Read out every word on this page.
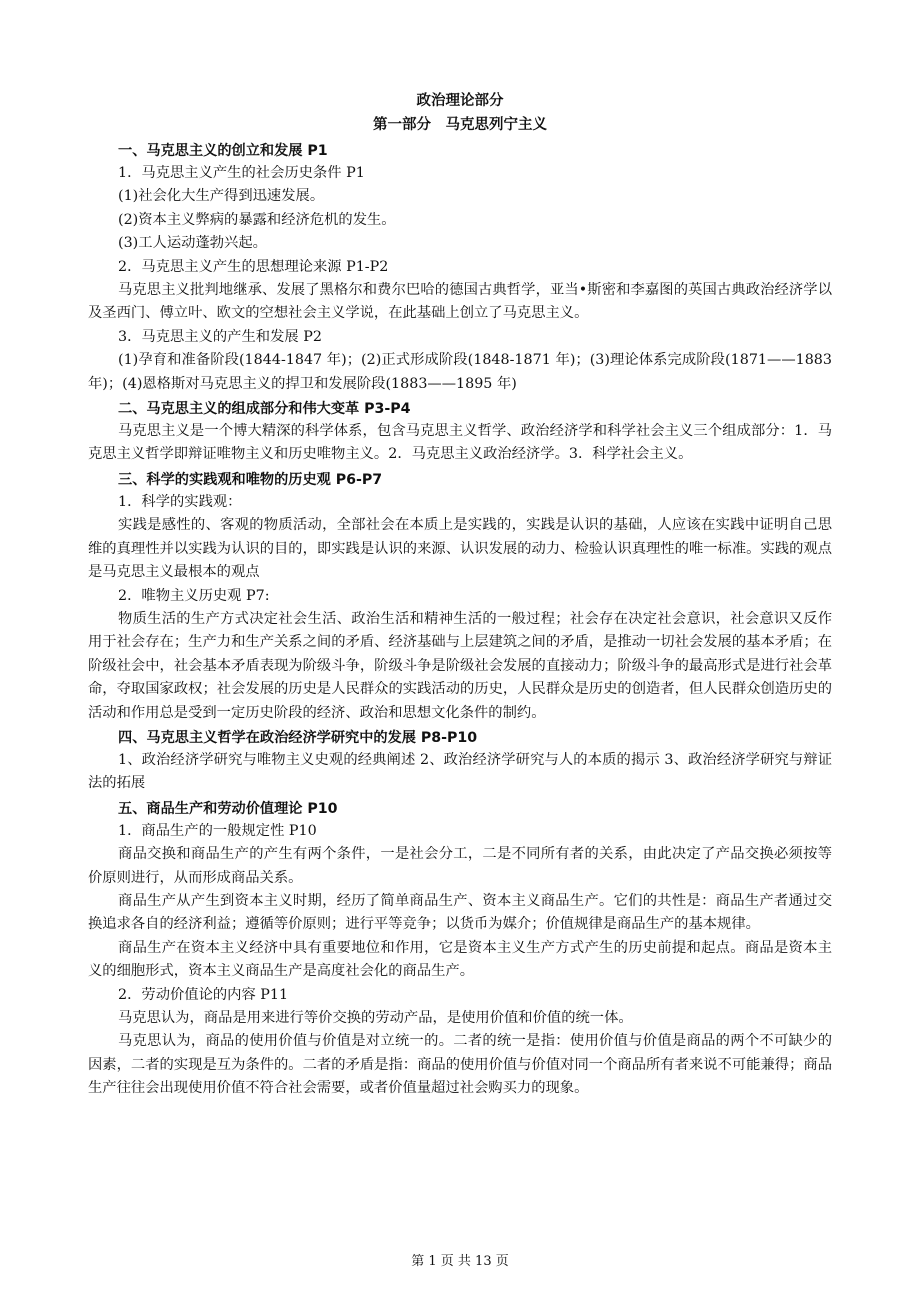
政治理论部分

第一部分　马克思列宁主义

一、马克思主义的创立和发展 P1

1．马克思主义产生的社会历史条件 P1

(1)社会化大生产得到迅速发展。

(2)资本主义弊病的暴露和经济危机的发生。

(3)工人运动蓬勃兴起。

2．马克思主义产生的思想理论来源 P1-P2

马克思主义批判地继承、发展了黑格尔和费尔巴哈的德国古典哲学，亚当•斯密和李嘉图的英国古典政治经济学以及圣西门、傅立叶、欧文的空想社会主义学说，在此基础上创立了马克思主义。

3．马克思主义的产生和发展 P2

(1)孕育和准备阶段(1844-1847 年)；(2)正式形成阶段(1848-1871 年)；(3)理论体系完成阶段(1871——1883 年)；(4)恩格斯对马克思主义的捍卫和发展阶段(1883——1895 年)

二、马克思主义的组成部分和伟大变革 P3-P4

马克思主义是一个博大精深的科学体系，包含马克思主义哲学、政治经济学和科学社会主义三个组成部分：1．马克思主义哲学即辩证唯物主义和历史唯物主义。2．马克思主义政治经济学。3．科学社会主义。

三、科学的实践观和唯物的历史观 P6-P7

1．科学的实践观：

实践是感性的、客观的物质活动，全部社会在本质上是实践的，实践是认识的基础，人应该在实践中证明自己思维的真理性并以实践为认识的目的，即实践是认识的来源、认识发展的动力、检验认识真理性的唯一标准。实践的观点是马克思主义最根本的观点

2．唯物主义历史观 P7:

物质生活的生产方式决定社会生活、政治生活和精神生活的一般过程；社会存在决定社会意识，社会意识又反作用于社会存在；生产力和生产关系之间的矛盾、经济基础与上层建筑之间的矛盾，是推动一切社会发展的基本矛盾；在阶级社会中，社会基本矛盾表现为阶级斗争，阶级斗争是阶级社会发展的直接动力；阶级斗争的最高形式是进行社会革命，夺取国家政权；社会发展的历史是人民群众的实践活动的历史，人民群众是历史的创造者，但人民群众创造历史的活动和作用总是受到一定历史阶段的经济、政治和思想文化条件的制约。

四、马克思主义哲学在政治经济学研究中的发展 P8-P10

1、政治经济学研究与唯物主义史观的经典阐述 2、政治经济学研究与人的本质的揭示 3、政治经济学研究与辩证法的拓展

五、商品生产和劳动价值理论 P10

1．商品生产的一般规定性 P10

商品交换和商品生产的产生有两个条件，一是社会分工，二是不同所有者的关系，由此决定了产品交换必须按等价原则进行，从而形成商品关系。

商品生产从产生到资本主义时期，经历了简单商品生产、资本主义商品生产。它们的共性是：商品生产者通过交换追求各自的经济利益；遵循等价原则；进行平等竞争；以货币为媒介；价值规律是商品生产的基本规律。

商品生产在资本主义经济中具有重要地位和作用，它是资本主义生产方式产生的历史前提和起点。商品是资本主义的细胞形式，资本主义商品生产是高度社会化的商品生产。

2．劳动价值论的内容 P11

马克思认为，商品是用来进行等价交换的劳动产品，是使用价值和价值的统一体。

马克思认为，商品的使用价值与价值是对立统一的。二者的统一是指：使用价值与价值是商品的两个不可缺少的因素，二者的实现是互为条件的。二者的矛盾是指：商品的使用价值与价值对同一个商品所有者来说不可能兼得；商品生产往往会出现使用价值不符合社会需要，或者价值量超过社会购买力的现象。

第 1 页 共 13 页
